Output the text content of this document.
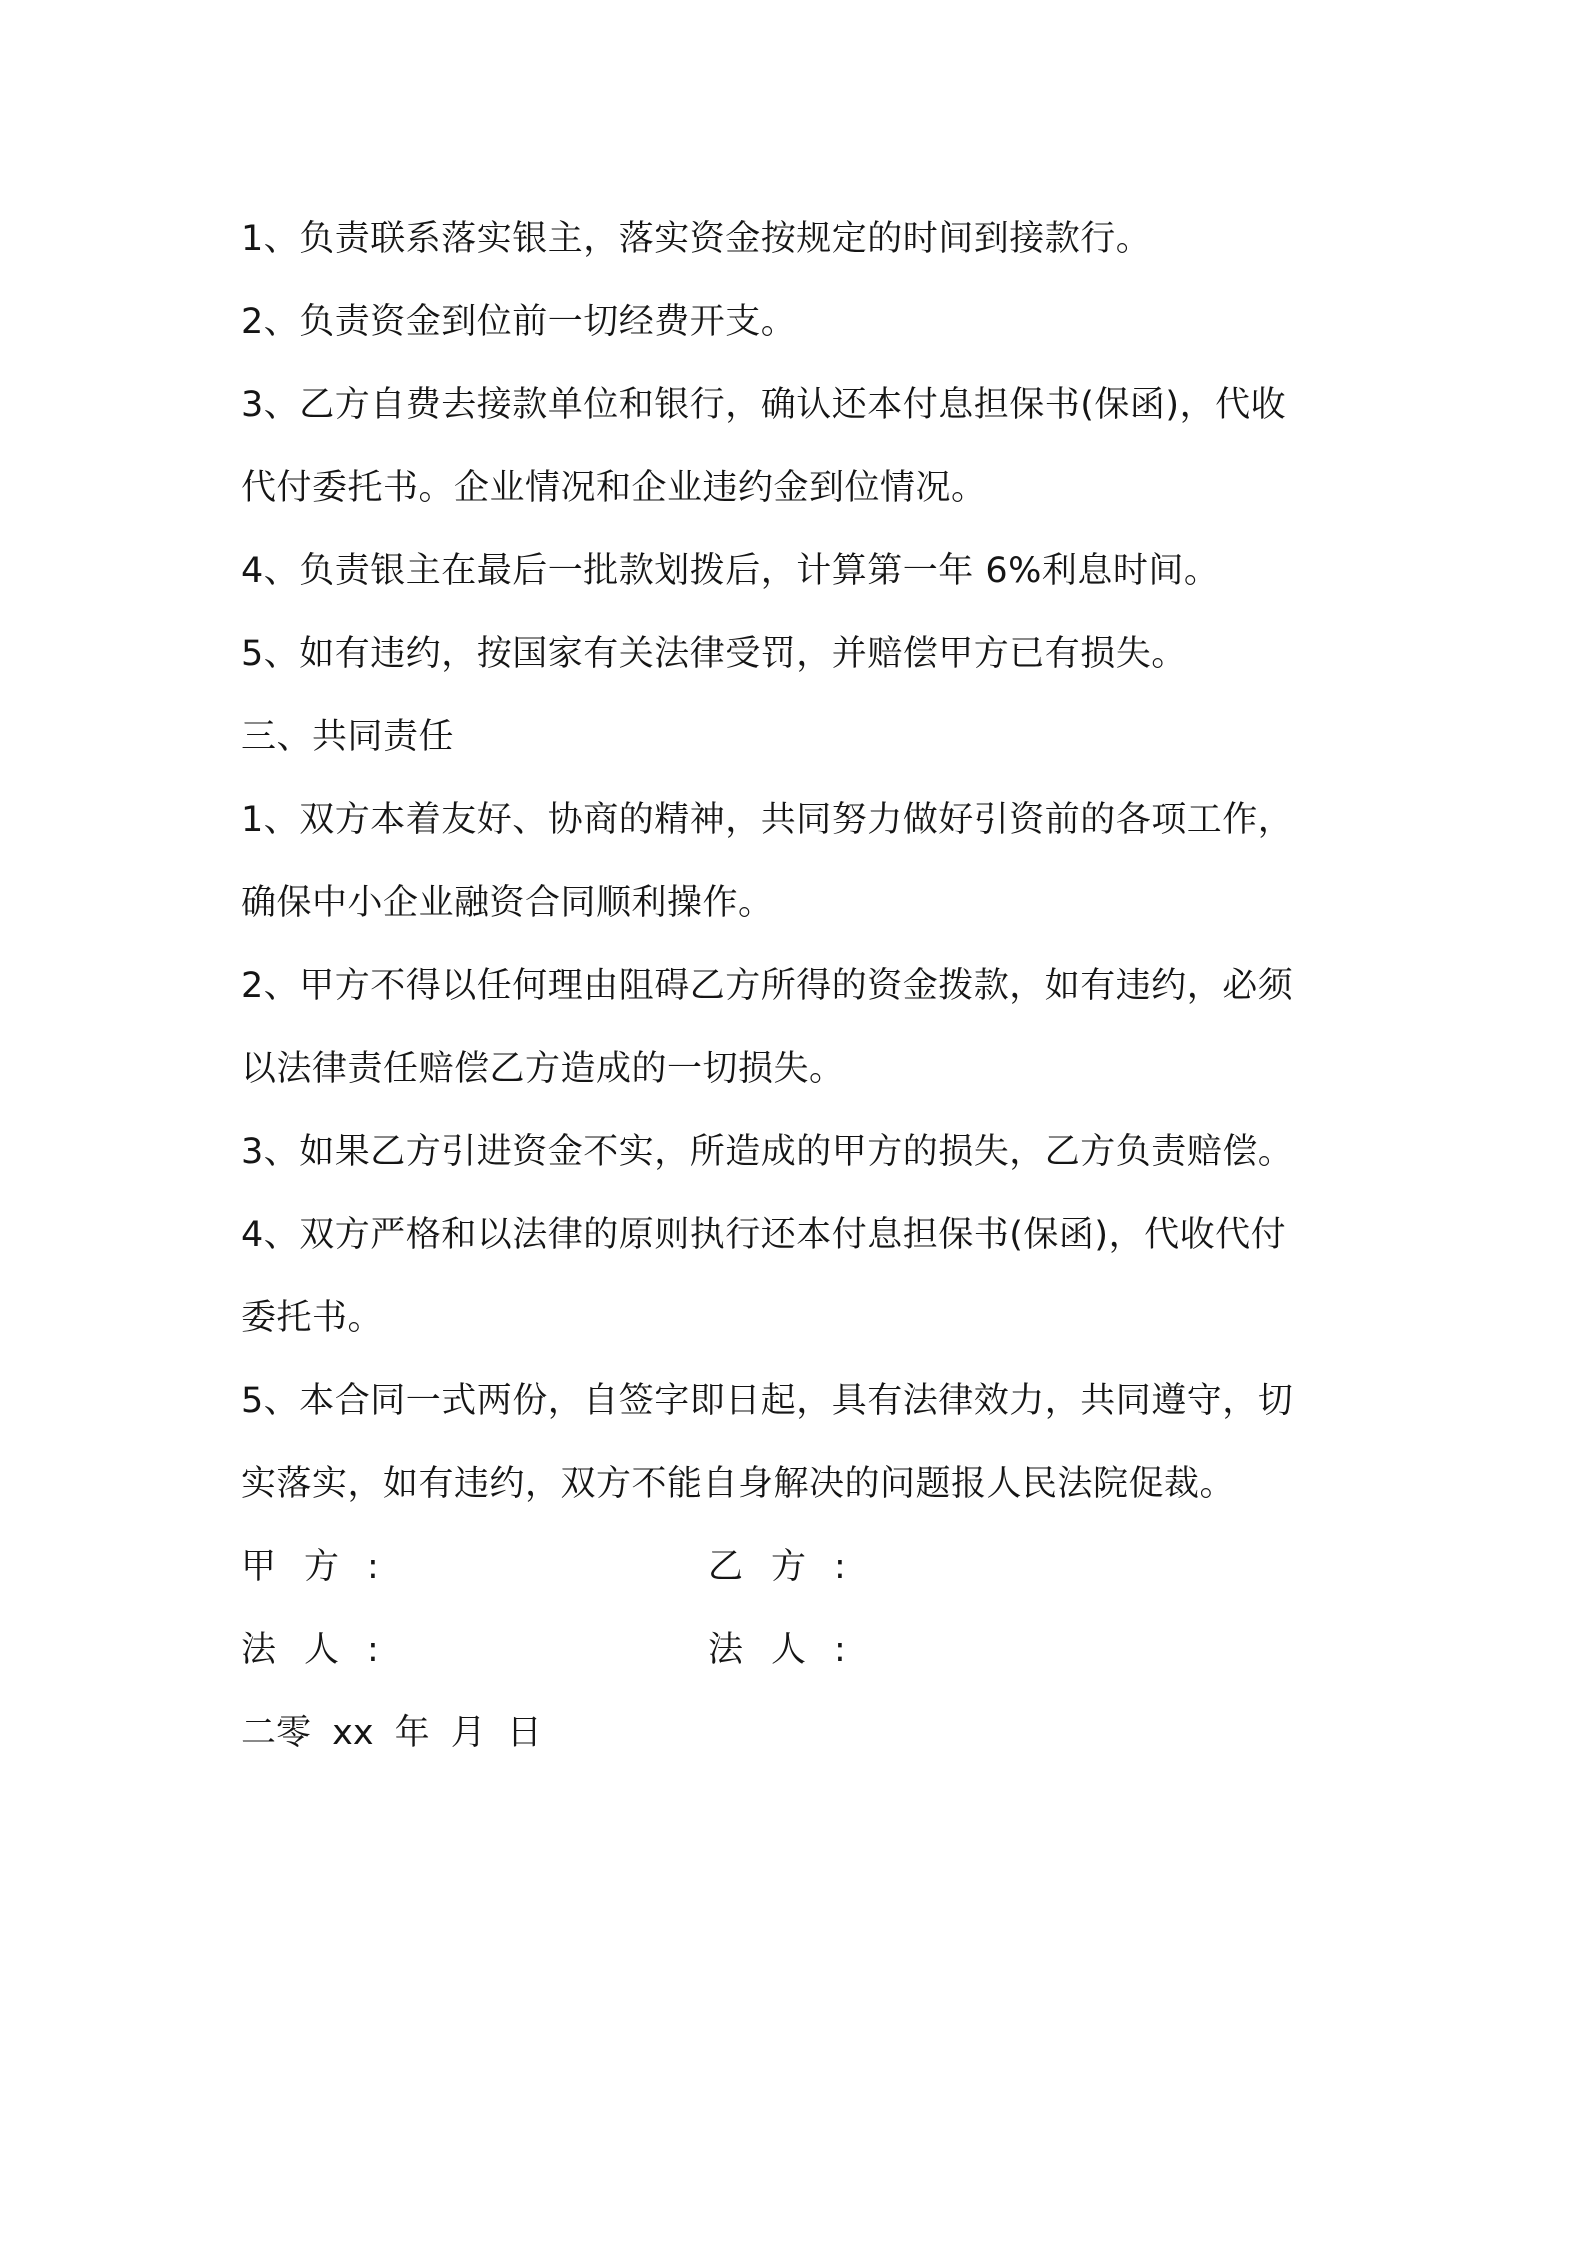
1、负责联系落实银主，落实资金按规定的时间到接款行。
2、负责资金到位前一切经费开支。
3、乙方自费去接款单位和银行，确认还本付息担保书(保函)，代收
代付委托书。企业情况和企业违约金到位情况。
4、负责银主在最后一批款划拨后，计算第一年 6%利息时间。
5、如有违约，按国家有关法律受罚，并赔偿甲方已有损失。
三、共同责任
1、双方本着友好、协商的精神，共同努力做好引资前的各项工作，
确保中小企业融资合同顺利操作。
2、甲方不得以任何理由阻碍乙方所得的资金拨款，如有违约，必须
以法律责任赔偿乙方造成的一切损失。
3、如果乙方引进资金不实，所造成的甲方的损失，乙方负责赔偿。
4、双方严格和以法律的原则执行还本付息担保书(保函)，代收代付
委托书。
5、本合同一式两份，自签字即日起，具有法律效力，共同遵守，切
实落实，如有违约，双方不能自身解决的问题报人民法院促裁。
甲方:	乙方:
法人:	法人:
二零 xx 年 月 日
